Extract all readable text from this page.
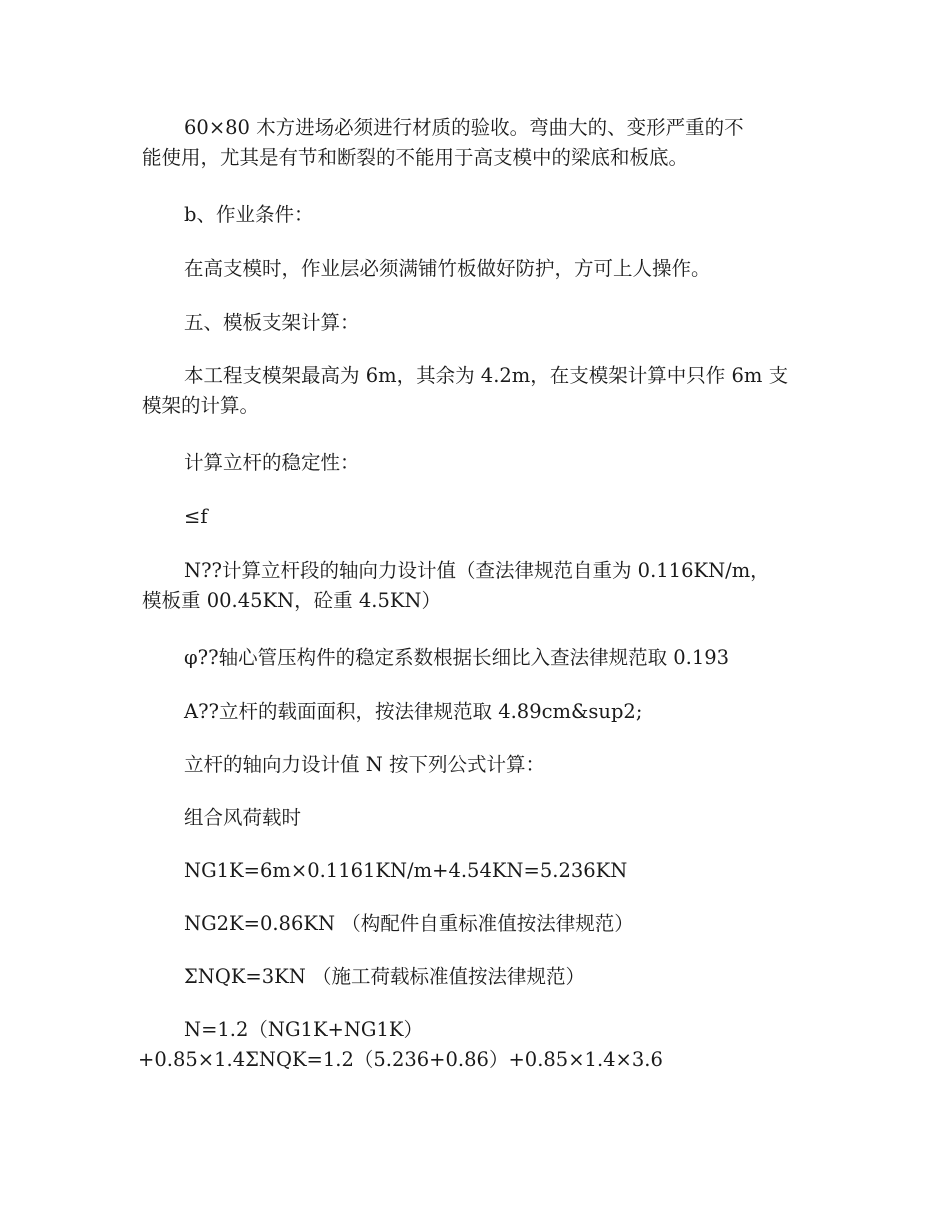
60×80 木方进场必须进行材质的验收。弯曲大的、变形严重的不
能使用，尤其是有节和断裂的不能用于高支模中的梁底和板底。

b、作业条件：

在高支模时，作业层必须满铺竹板做好防护，方可上人操作。

五、模板支架计算：

本工程支模架最高为 6m，其余为 4.2m，在支模架计算中只作 6m 支
模架的计算。

计算立杆的稳定性：

≤f

N??计算立杆段的轴向力设计值（查法律规范自重为 0.116KN/m，
模板重 00.45KN，砼重 4.5KN）

φ??轴心管压构件的稳定系数根据长细比入查法律规范取 0.193

A??立杆的载面面积，按法律规范取 4.89cm&sup2;

立杆的轴向力设计值 N 按下列公式计算：

组合风荷载时

NG1K=6m×0.1161KN/m+4.54KN=5.236KN

NG2K=0.86KN （构配件自重标准值按法律规范）

ΣNQK=3KN （施工荷载标准值按法律规范）

N=1.2（NG1K+NG1K）
+0.85×1.4ΣNQK=1.2（5.236+0.86）+0.85×1.4×3.6
